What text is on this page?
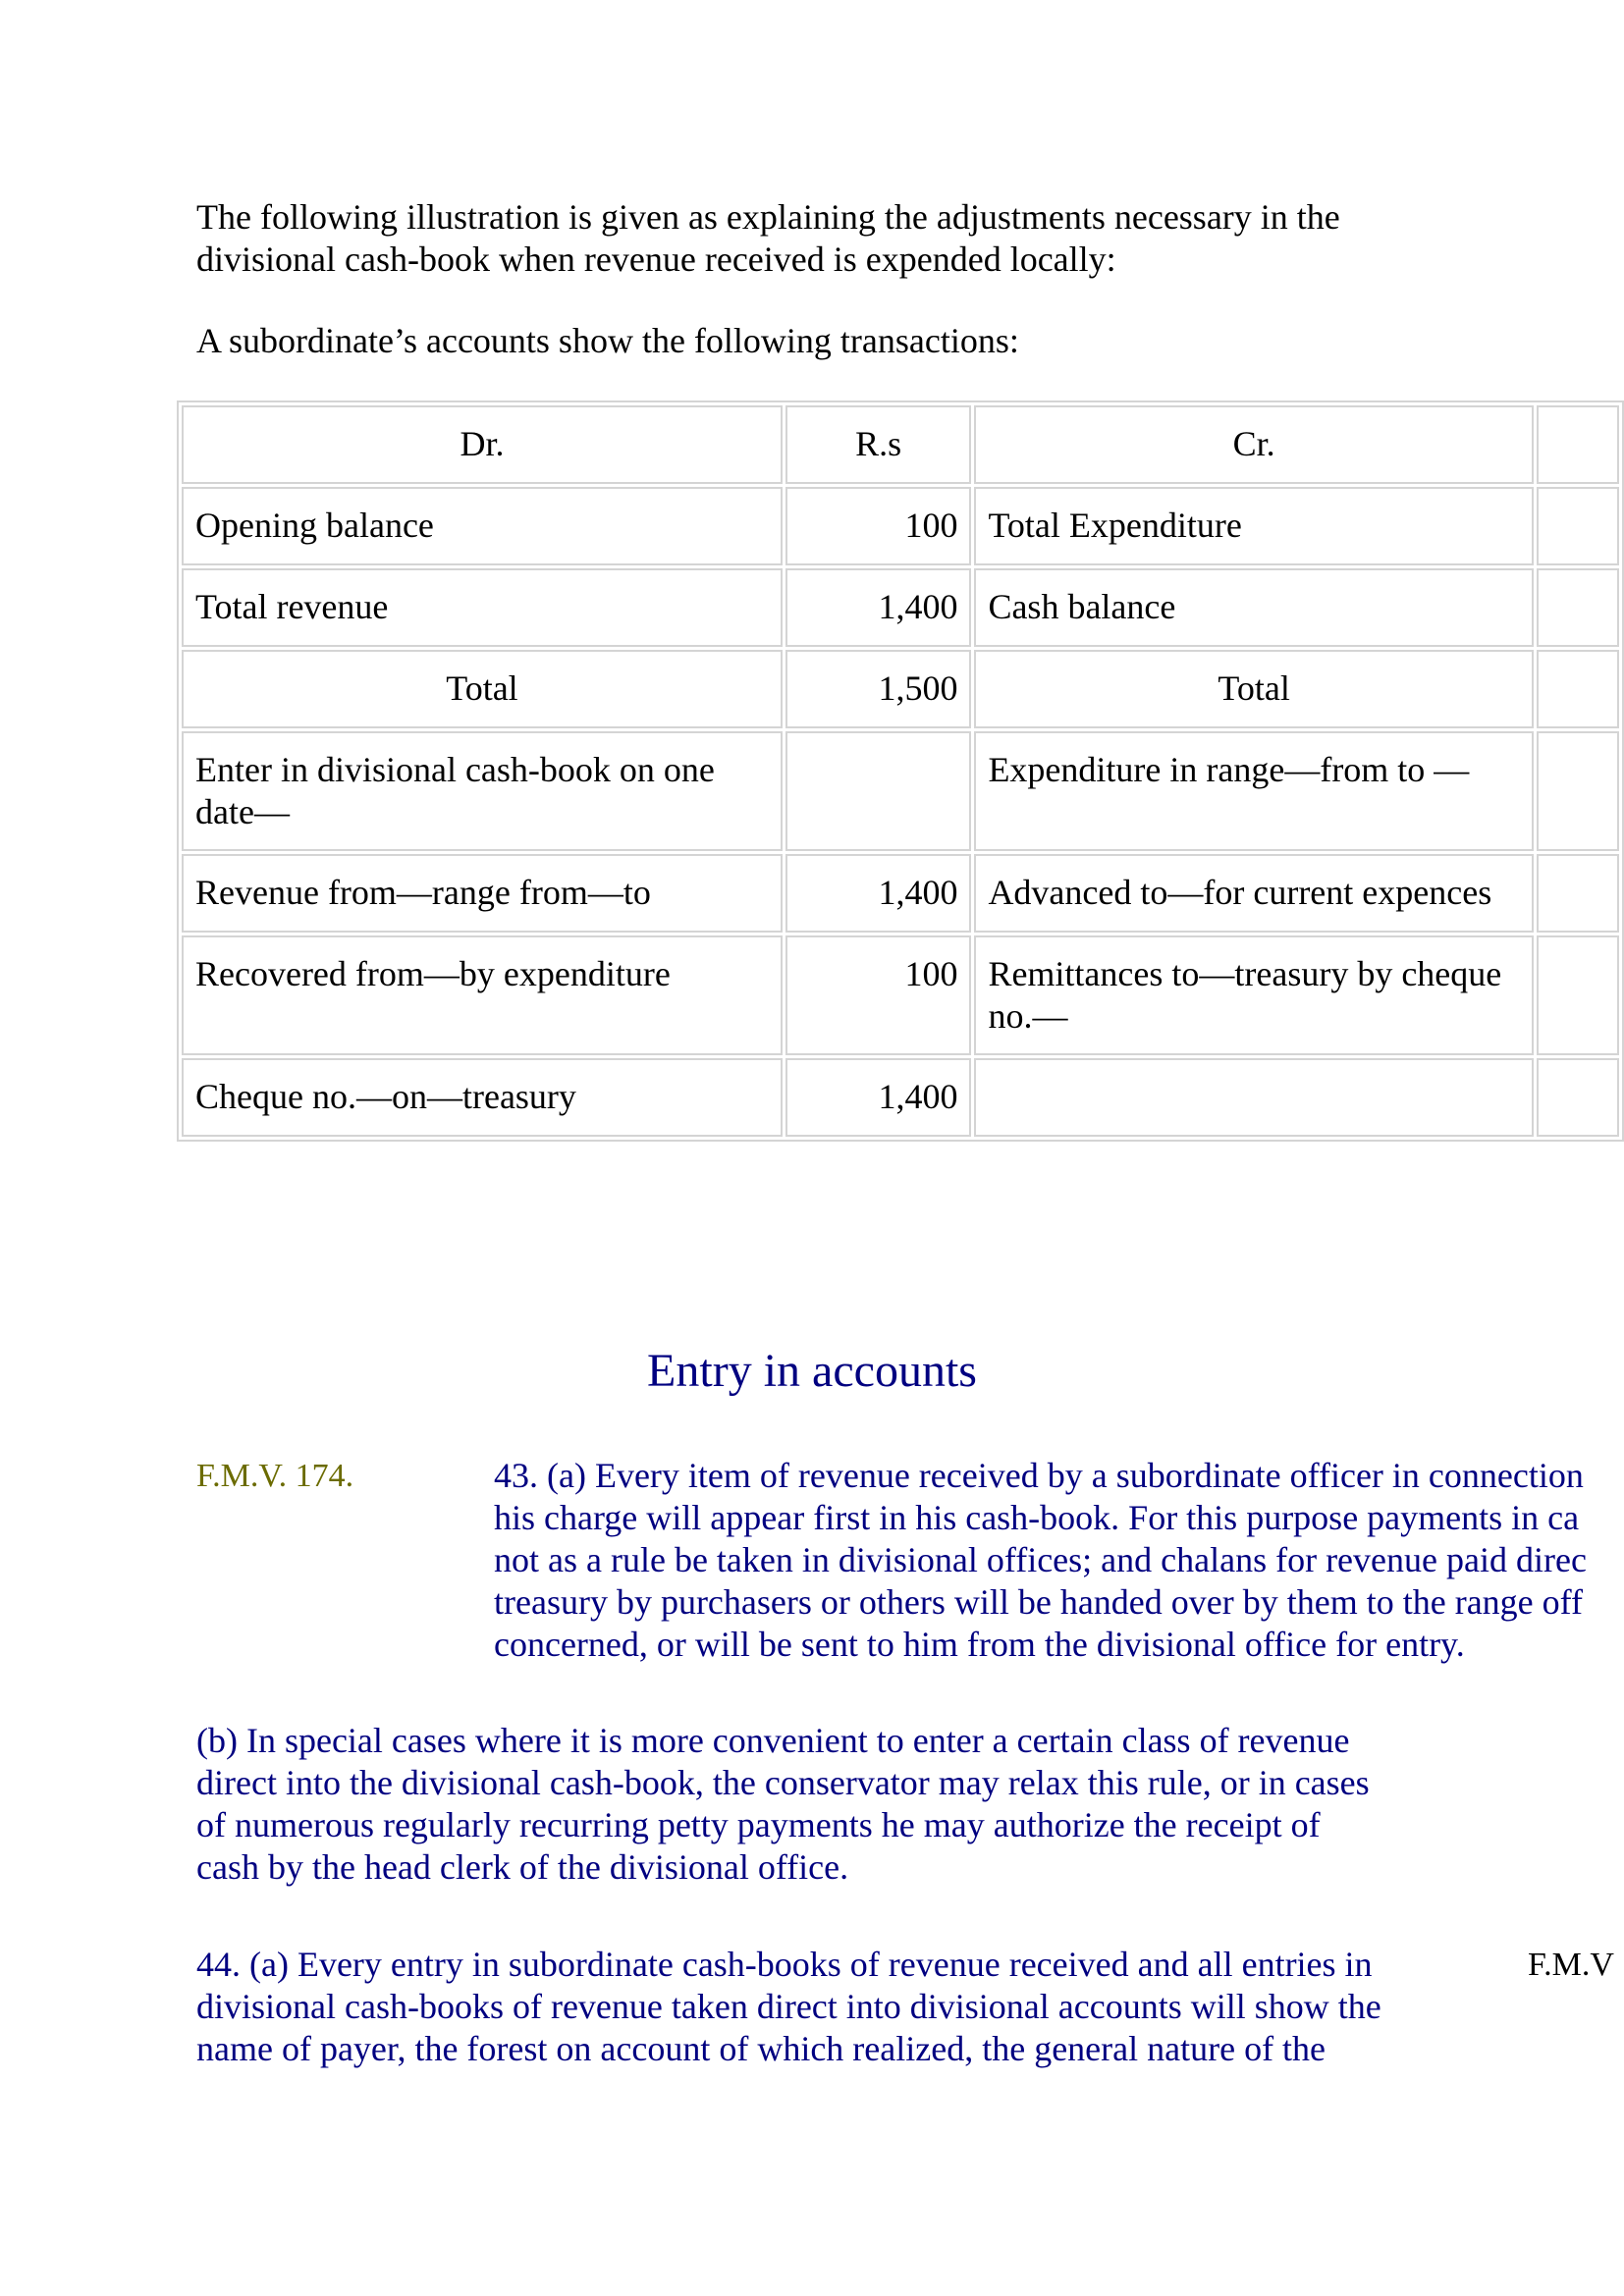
The following illustration is given as explaining the adjustments necessary in the
divisional cash-book when revenue received is expended locally:

A subordinate’s accounts show the following transactions:

Dr.	R.s	Cr.	
Opening balance	100	Total Expenditure	
Total revenue	1,400	Cash balance	
Total	1,500	Total	
Enter in divisional cash-book on one
date—		Expenditure in range—from to —	
Revenue from—range from—to	1,400	Advanced to—for current expences	
Recovered from—by expenditure	100	Remittances to—treasury by cheque
no.—	
Cheque no.—on—treasury	1,400		
Entry in accounts
F.M.V. 174.	43. (a) Every item of revenue received by a subordinate officer in connection
his charge will appear first in his cash-book. For this purpose payments in ca
not as a rule be taken in divisional offices; and chalans for revenue paid direc
treasury by purchasers or others will be handed over by them to the range off
concerned, or will be sent to him from the divisional office for entry.

(b) In special cases where it is more convenient to enter a certain class of revenue
direct into the divisional cash-book, the conservator may relax this rule, or in cases
of numerous regularly recurring petty payments he may authorize the receipt of
cash by the head clerk of the divisional office.

44. (a) Every entry in subordinate cash-books of revenue received and all entries in
divisional cash-books of revenue taken direct into divisional accounts will show the
name of payer, the forest on account of which realized, the general nature of the

F.M.V
